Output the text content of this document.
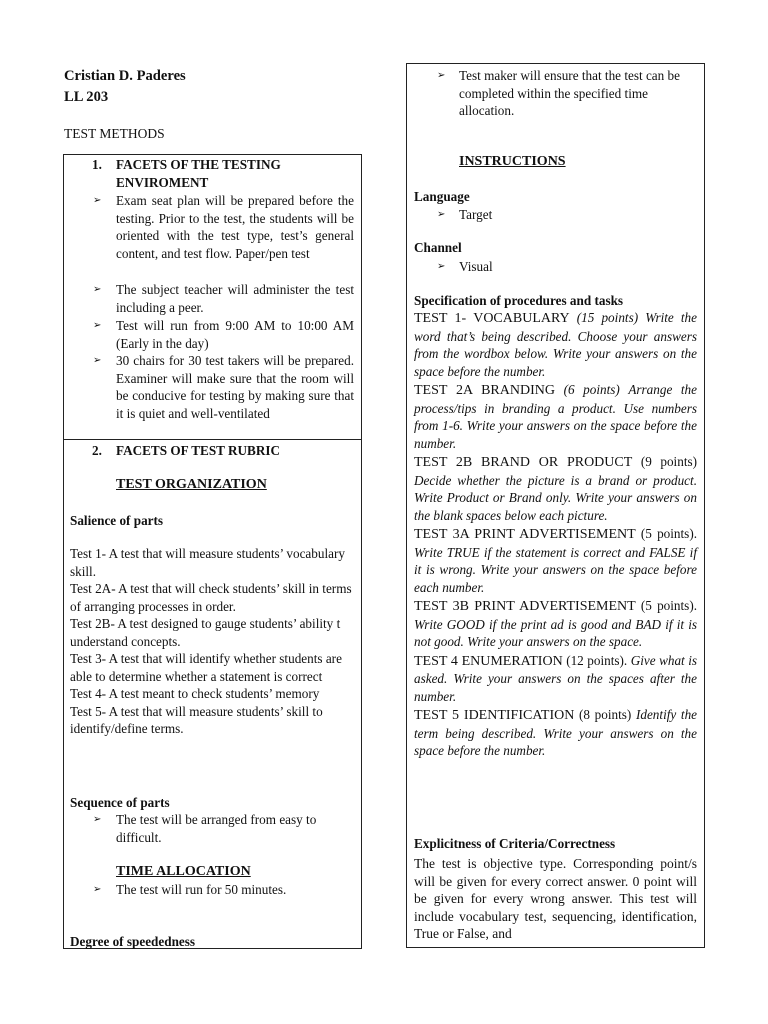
Cristian D. Paderes
LL 203
TEST METHODS
1. FACETS OF THE TESTING
ENVIROMENT
➢	Exam seat plan will be prepared before the testing. Prior to the test, the students will be oriented with the test type, test’s general content, and test flow. Paper/pen test
➢	The subject teacher will administer the test including a peer.
➢	Test will run from 9:00 AM to 10:00 AM (Early in the day)
➢	30 chairs for 30 test takers will be prepared. Examiner will make sure that the room will be conducive for testing by making sure that it is quiet and well-ventilated
2. FACETS OF TEST RUBRIC
TEST ORGANIZATION
Salience of parts

Test 1- A test that will measure students’ vocabulary skill.

Test 2A- A test that will check students’ skill in terms of arranging processes in order.

Test 2B- A test designed to gauge students’ ability t understand concepts.

Test 3- A test that will identify whether students are able to determine whether a statement is correct

Test 4- A test meant to check students’ memory

Test 5- A test that will measure students’ skill to identify/define terms.

Sequence of parts
➢	The test will be arranged from easy to difficult.
TIME ALLOCATION
➢	The test will run for 50 minutes.
Degree of speededness
➢	Test maker will ensure that the test can be completed within the specified time allocation.
INSTRUCTIONS
Language
➢	Target
Channel
➢	Visual
Specification of procedures and tasks

TEST 1- VOCABULARY (15 points) Write the word that’s being described. Choose your answers from the wordbox below. Write your answers on the space before the number.

TEST 2A BRANDING (6 points) Arrange the process/tips in branding a product. Use numbers from 1-6. Write your answers on the space before the number.

TEST 2B BRAND OR PRODUCT (9 points) Decide whether the picture is a brand or product. Write Product or Brand only. Write your answers on the blank spaces below each picture.

TEST 3A PRINT ADVERTISEMENT (5 points). Write TRUE if the statement is correct and FALSE if it is wrong. Write your answers on the space before each number.

TEST 3B PRINT ADVERTISEMENT (5 points). Write GOOD if the print ad is good and BAD if it is not good. Write your answers on the space.

TEST 4 ENUMERATION (12 points). Give what is asked. Write your answers on the spaces after the number.

TEST 5 IDENTIFICATION (8 points) Identify the term being described. Write your answers on the space before the number.

Explicitness of Criteria/Correctness
The test is objective type. Corresponding point/s will be given for every correct answer. 0 point will be given for every wrong answer. This test will include vocabulary test, sequencing, identification, True or False, and
